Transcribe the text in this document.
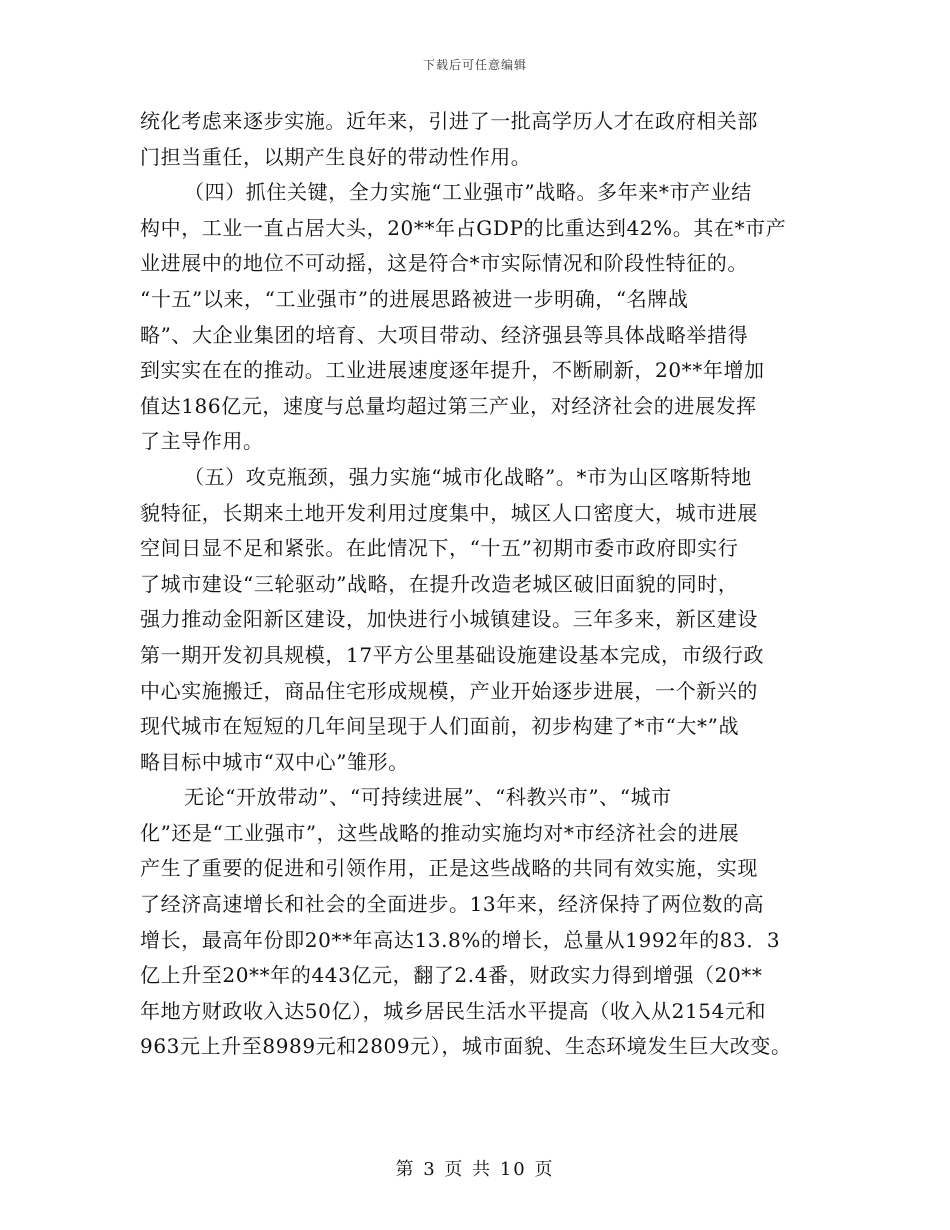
下载后可任意编辑
统化考虑来逐步实施。近年来，引进了一批高学历人才在政府相关部
门担当重任，以期产生良好的带动性作用。
（四）抓住关键，全力实施“工业强市”战略。多年来*市产业结
构中，工业一直占居大头，20**年占GDP的比重达到42%。其在*市产
业进展中的地位不可动摇，这是符合*市实际情况和阶段性特征的。
“十五”以来，“工业强市”的进展思路被进一步明确，“名牌战
略”、大企业集团的培育、大项目带动、经济强县等具体战略举措得
到实实在在的推动。工业进展速度逐年提升，不断刷新，20**年增加
值达186亿元，速度与总量均超过第三产业，对经济社会的进展发挥
了主导作用。
（五）攻克瓶颈，强力实施“城市化战略”。*市为山区喀斯特地
貌特征，长期来土地开发利用过度集中，城区人口密度大，城市进展
空间日显不足和紧张。在此情况下，“十五”初期市委市政府即实行
了城市建设“三轮驱动”战略，在提升改造老城区破旧面貌的同时，
强力推动金阳新区建设，加快进行小城镇建设。三年多来，新区建设
第一期开发初具规模，17平方公里基础设施建设基本完成，市级行政
中心实施搬迁，商品住宅形成规模，产业开始逐步进展，一个新兴的
现代城市在短短的几年间呈现于人们面前，初步构建了*市“大*”战
略目标中城市“双中心”雏形。
无论“开放带动”、“可持续进展”、“科教兴市”、“城市
化”还是“工业强市”，这些战略的推动实施均对*市经济社会的进展
产生了重要的促进和引领作用，正是这些战略的共同有效实施，实现
了经济高速增长和社会的全面进步。13年来，经济保持了两位数的高
增长，最高年份即20**年高达13.8%的增长，总量从1992年的83．3
亿上升至20**年的443亿元，翻了2.4番，财政实力得到增强（20**
年地方财政收入达50亿），城乡居民生活水平提高（收入从2154元和
963元上升至8989元和2809元），城市面貌、生态环境发生巨大改变。
第 3 页 共 10 页
